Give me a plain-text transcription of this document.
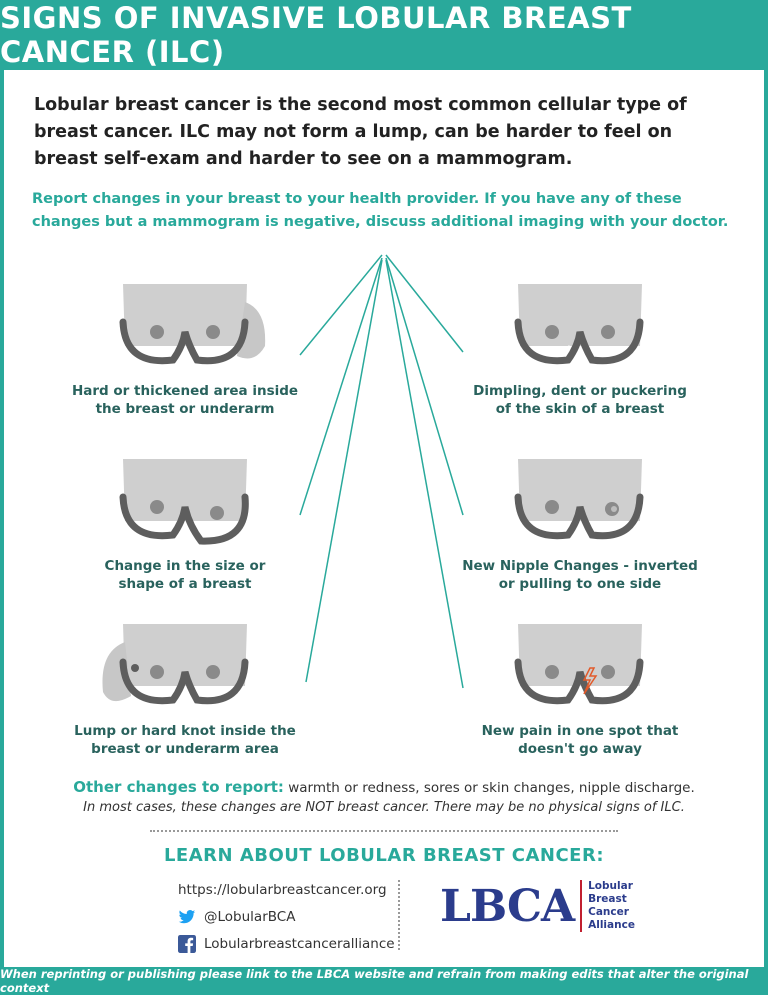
SIGNS OF INVASIVE LOBULAR BREAST CANCER (ILC)
Lobular breast cancer is the second most common cellular type of breast cancer. ILC may not form a lump, can be harder to feel on breast self-exam and harder to see on a mammogram.
Report changes in your breast to your health provider. If you have any of these changes but a mammogram is negative, discuss additional imaging with your doctor.
Hard or thickened area inside
the breast or underarm
Dimpling, dent or puckering
of the skin of a breast
Change in the size or
shape of a breast
New Nipple Changes - inverted
or pulling to one side
Lump or hard knot inside the
breast or underarm area
New pain in one spot that
doesn't go away
Other changes to report: warmth or redness, sores or skin changes, nipple discharge.
In most cases, these changes are NOT breast cancer. There may be no physical signs of ILC.
LEARN ABOUT LOBULAR BREAST CANCER:
https://lobularbreastcancer.org
@LobularBCA
Lobularbreastcanceralliance
LBCA Lobular
Breast
Cancer
Alliance
When reprinting or publishing please link to the LBCA website and refrain from making edits that alter the original context
